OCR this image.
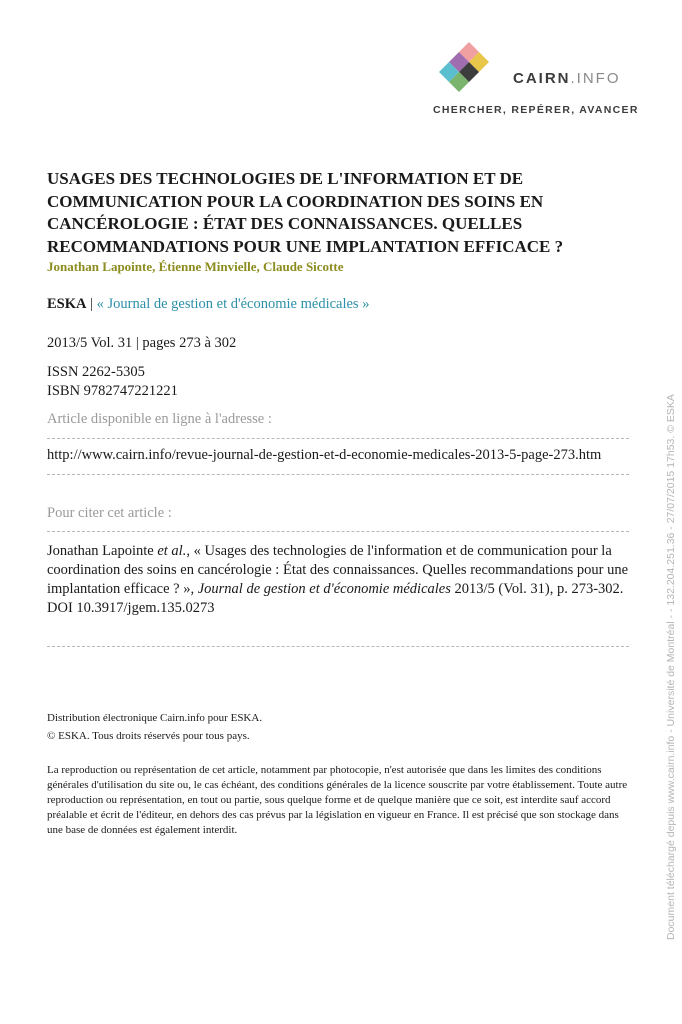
CAIRN.INFO
CHERCHER, REPÉRER, AVANCER
USAGES DES TECHNOLOGIES DE L'INFORMATION ET DE COMMUNICATION POUR LA COORDINATION DES SOINS EN CANCÉROLOGIE : ÉTAT DES CONNAISSANCES. QUELLES RECOMMANDATIONS POUR UNE IMPLANTATION EFFICACE ?
Jonathan Lapointe, Étienne Minvielle, Claude Sicotte
ESKA | « Journal de gestion et d'économie médicales »
2013/5 Vol. 31 | pages 273 à 302
ISSN 2262-5305
ISBN 9782747221221
Article disponible en ligne à l'adresse :
http://www.cairn.info/revue-journal-de-gestion-et-d-economie-medicales-2013-5-page-273.htm
Pour citer cet article :
Jonathan Lapointe et al., « Usages des technologies de l'information et de communication pour la coordination des soins en cancérologie : État des connaissances. Quelles recommandations pour une implantation efficace ? », Journal de gestion et d'économie médicales 2013/5 (Vol. 31), p. 273-302.
DOI 10.3917/jgem.135.0273
Distribution électronique Cairn.info pour ESKA.
© ESKA. Tous droits réservés pour tous pays.
La reproduction ou représentation de cet article, notamment par photocopie, n'est autorisée que dans les limites des conditions générales d'utilisation du site ou, le cas échéant, des conditions générales de la licence souscrite par votre établissement. Toute autre reproduction ou représentation, en tout ou partie, sous quelque forme et de quelque manière que ce soit, est interdite sauf accord préalable et écrit de l'éditeur, en dehors des cas prévus par la législation en vigueur en France. Il est précisé que son stockage dans une base de données est également interdit.	Document téléchargé depuis www.cairn.info - Université de Montréal - - 132.204.251.36 - 27/07/2015 17h53. © ESKA
